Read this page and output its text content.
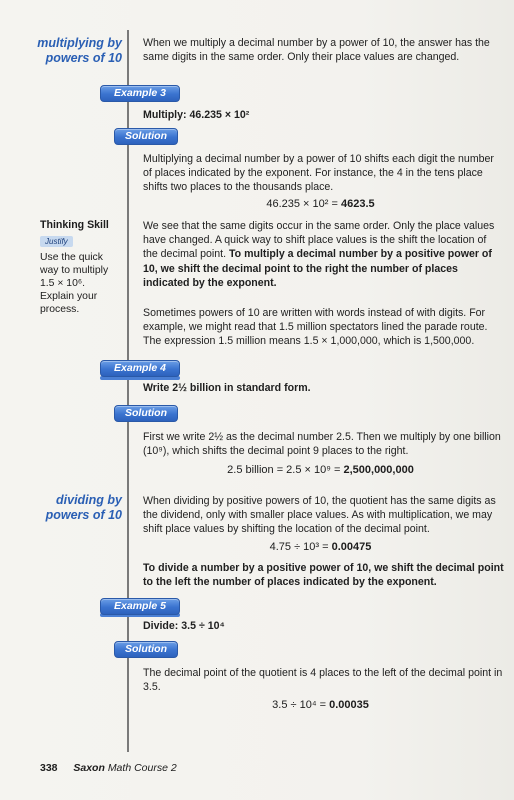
multiplying by powers of 10
When we multiply a decimal number by a power of 10, the answer has the same digits in the same order. Only their place values are changed.
Example 3
Multiply: 46.235 × 10²
Solution
Multiplying a decimal number by a power of 10 shifts each digit the number of places indicated by the exponent. For instance, the 4 in the tens place shifts two places to the thousands place.
46.235 × 10² = 4623.5
Thinking Skill
Justify
Use the quick way to multiply 1.5 × 10⁶. Explain your process.
We see that the same digits occur in the same order. Only the place values have changed. A quick way to shift place values is the shift the location of the decimal point. To multiply a decimal number by a positive power of 10, we shift the decimal point to the right the number of places indicated by the exponent.
Sometimes powers of 10 are written with words instead of with digits. For example, we might read that 1.5 million spectators lined the parade route. The expression 1.5 million means 1.5 × 1,000,000, which is 1,500,000.
Example 4
Write 2½ billion in standard form.
Solution
First we write 2½ as the decimal number 2.5. Then we multiply by one billion (10⁹), which shifts the decimal point 9 places to the right.
2.5 billion = 2.5 × 10⁹ = 2,500,000,000
dividing by powers of 10
When dividing by positive powers of 10, the quotient has the same digits as the dividend, only with smaller place values. As with multiplication, we may shift place values by shifting the location of the decimal point.
4.75 ÷ 10³ = 0.00475
To divide a number by a positive power of 10, we shift the decimal point to the left the number of places indicated by the exponent.
Example 5
Divide: 3.5 ÷ 10⁴
Solution
The decimal point of the quotient is 4 places to the left of the decimal point in 3.5.
3.5 ÷ 10⁴ = 0.00035
338 Saxon Math Course 2
